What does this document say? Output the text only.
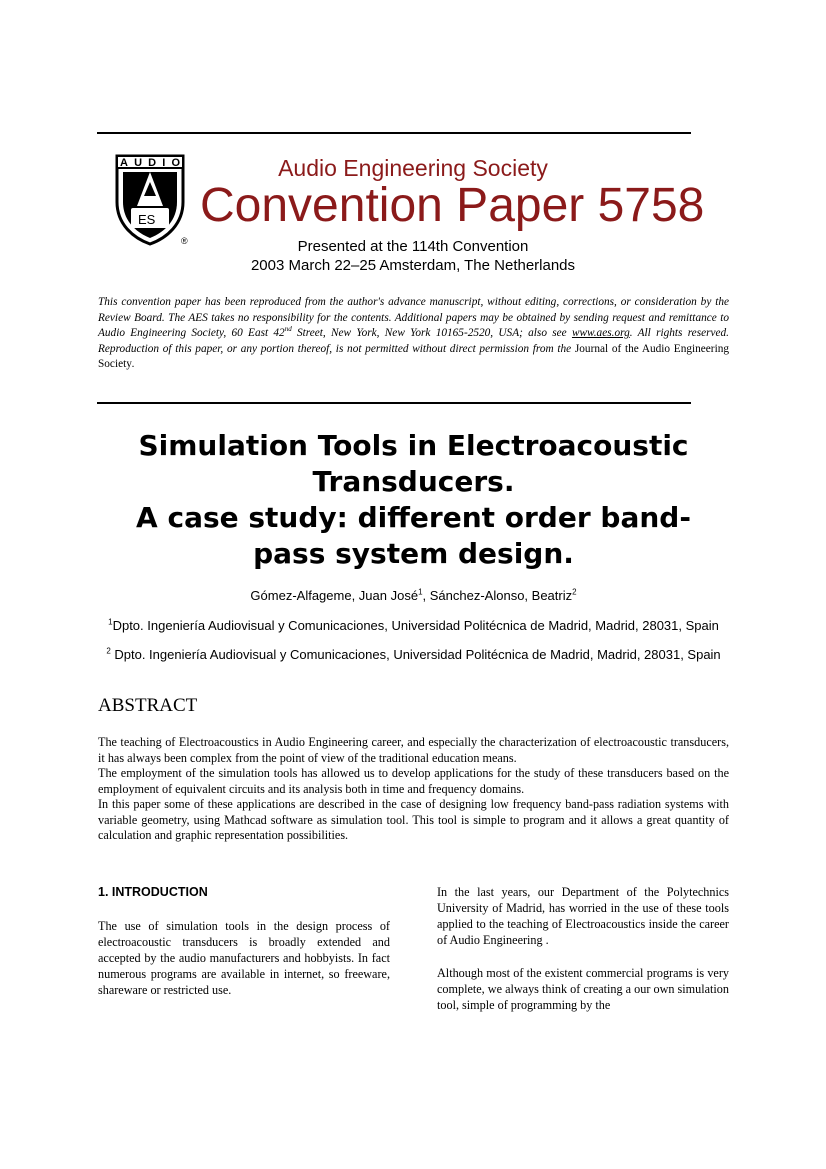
AUDIO
ES
®
Audio Engineering Society
Convention Paper 5758
Presented at the 114th Convention
2003 March 22–25 Amsterdam, The Netherlands
This convention paper has been reproduced from the author's advance manuscript, without editing, corrections, or consideration by the Review Board. The AES takes no responsibility for the contents. Additional papers may be obtained by sending request and remittance to Audio Engineering Society, 60 East 42nd Street, New York, New York 10165-2520, USA; also see www.aes.org. All rights reserved. Reproduction of this paper, or any portion thereof, is not permitted without direct permission from the Journal of the Audio Engineering Society.
Simulation Tools in Electroacoustic
Transducers.
A case study: different order band-
pass system design.
Gómez-Alfageme, Juan José$^1$, Sánchez-Alonso, Beatriz$^2$
$^1$Dpto. Ingeniería Audiovisual y Comunicaciones, Universidad Politécnica de Madrid, Madrid, 28031, Spain
$^2$ Dpto. Ingeniería Audiovisual y Comunicaciones, Universidad Politécnica de Madrid, Madrid, 28031, Spain
ABSTRACT

The teaching of Electroacoustics in Audio Engineering career, and especially the characterization of electroacoustic transducers, it has always been complex from the point of view of the traditional education means.

The employment of the simulation tools has allowed us to develop applications for the study of these transducers based on the employment of equivalent circuits and its analysis both in time and frequency domains.

In this paper some of these applications are described in the case of designing low frequency band-pass radiation systems with variable geometry, using Mathcad software as simulation tool. This tool is simple to program and it allows a great quantity of calculation and graphic representation possibilities.

1. INTRODUCTION

The use of simulation tools in the design process of electroacoustic transducers is broadly extended and accepted by the audio manufacturers and hobbyists. In fact numerous programs are available in internet, so freeware, shareware or restricted use.

In the last years, our Department of the Polytechnics University of Madrid, has worried in the use of these tools applied to the teaching of Electroacoustics inside the career of Audio Engineering .

Although most of the existent commercial programs is very complete, we always think of creating a our own simulation tool, simple of programming by the
